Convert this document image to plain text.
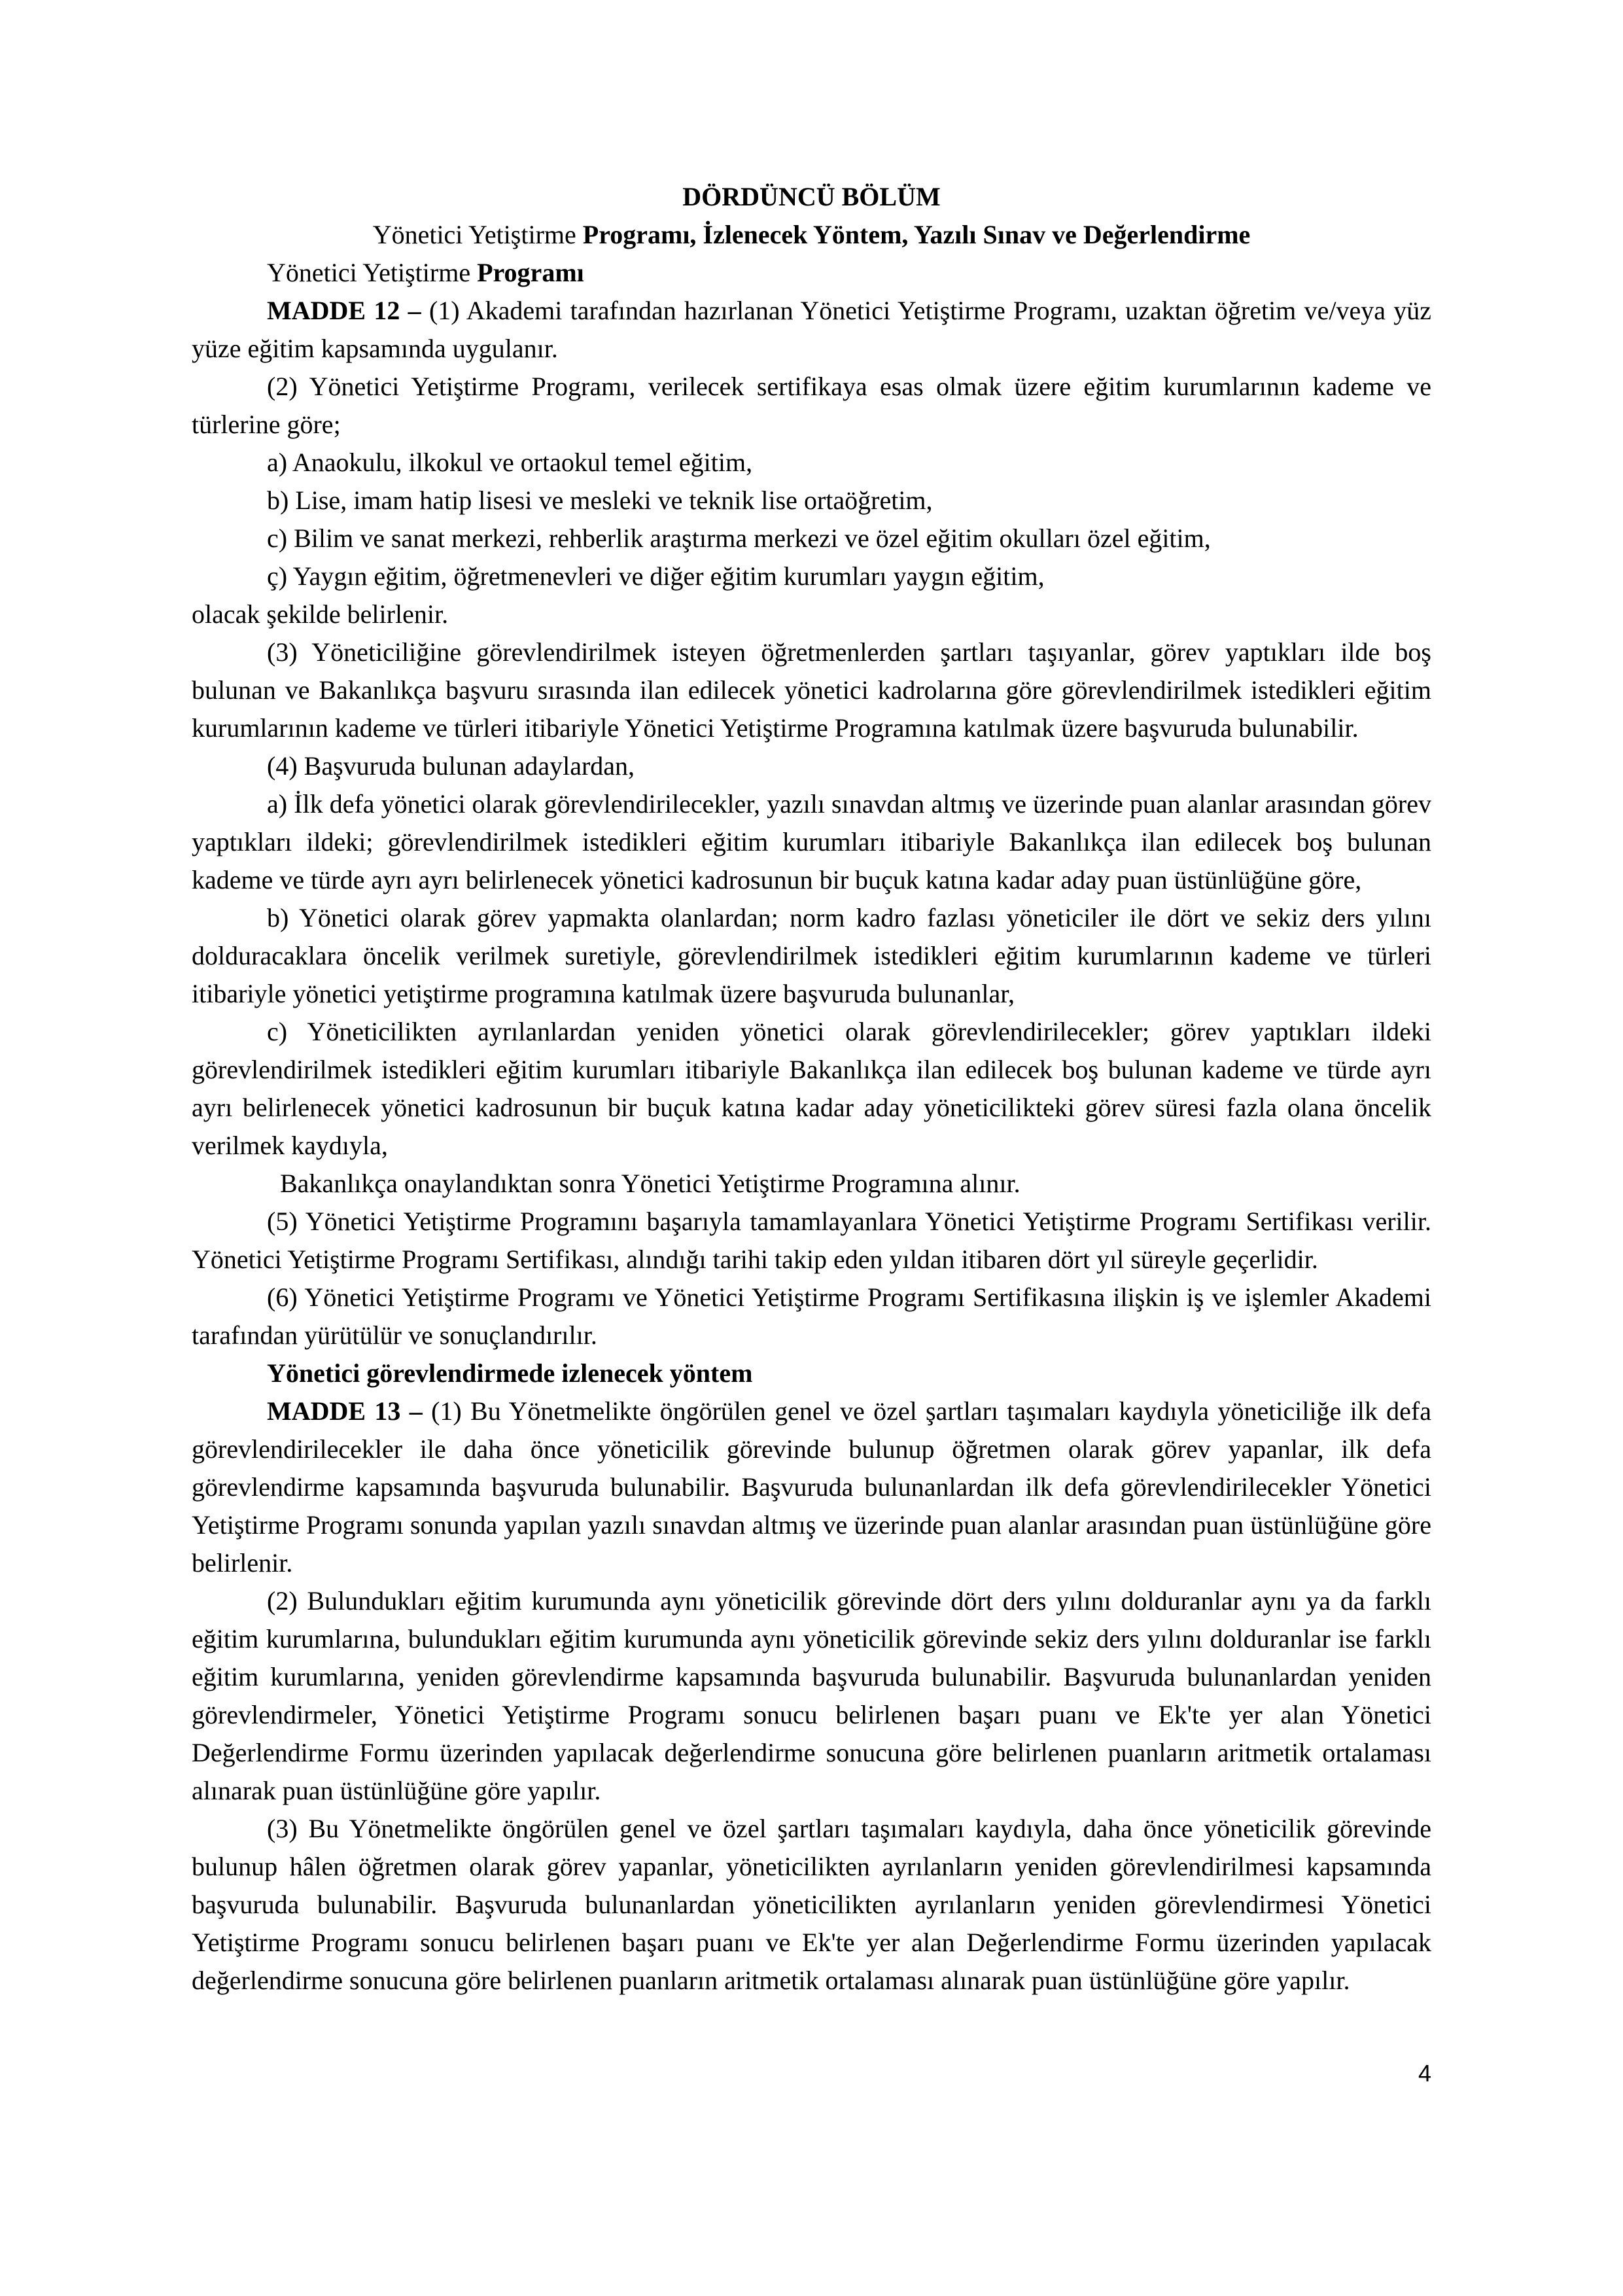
DÖRDÜNCÜ BÖLÜM

Yönetici Yetiştirme Programı, İzlenecek Yöntem, Yazılı Sınav ve Değerlendirme

Yönetici Yetiştirme Programı

MADDE 12 – (1) Akademi tarafından hazırlanan Yönetici Yetiştirme Programı, uzaktan öğretim ve/veya yüz yüze eğitim kapsamında uygulanır.

(2) Yönetici Yetiştirme Programı, verilecek sertifikaya esas olmak üzere eğitim kurumlarının kademe ve türlerine göre;

a) Anaokulu, ilkokul ve ortaokul temel eğitim,

b) Lise, imam hatip lisesi ve mesleki ve teknik lise ortaöğretim,

c) Bilim ve sanat merkezi, rehberlik araştırma merkezi ve özel eğitim okulları özel eğitim,

ç) Yaygın eğitim, öğretmenevleri ve diğer eğitim kurumları yaygın eğitim,

olacak şekilde belirlenir.

(3) Yöneticiliğine görevlendirilmek isteyen öğretmenlerden şartları taşıyanlar, görev yaptıkları ilde boş bulunan ve Bakanlıkça başvuru sırasında ilan edilecek yönetici kadrolarına göre görevlendirilmek istedikleri eğitim kurumlarının kademe ve türleri itibariyle Yönetici Yetiştirme Programına katılmak üzere başvuruda bulunabilir.

(4) Başvuruda bulunan adaylardan,

a) İlk defa yönetici olarak görevlendirilecekler, yazılı sınavdan altmış ve üzerinde puan alanlar arasından görev yaptıkları ildeki; görevlendirilmek istedikleri eğitim kurumları itibariyle Bakanlıkça ilan edilecek boş bulunan kademe ve türde ayrı ayrı belirlenecek yönetici kadrosunun bir buçuk katına kadar aday puan üstünlüğüne göre,

b) Yönetici olarak görev yapmakta olanlardan; norm kadro fazlası yöneticiler ile dört ve sekiz ders yılını dolduracaklara öncelik verilmek suretiyle, görevlendirilmek istedikleri eğitim kurumlarının kademe ve türleri itibariyle yönetici yetiştirme programına katılmak üzere başvuruda bulunanlar,

c) Yöneticilikten ayrılanlardan yeniden yönetici olarak görevlendirilecekler; görev yaptıkları ildeki görevlendirilmek istedikleri eğitim kurumları itibariyle Bakanlıkça ilan edilecek boş bulunan kademe ve türde ayrı ayrı belirlenecek yönetici kadrosunun bir buçuk katına kadar aday yöneticilikteki görev süresi fazla olana öncelik verilmek kaydıyla,

Bakanlıkça onaylandıktan sonra Yönetici Yetiştirme Programına alınır.

(5) Yönetici Yetiştirme Programını başarıyla tamamlayanlara Yönetici Yetiştirme Programı Sertifikası verilir. Yönetici Yetiştirme Programı Sertifikası, alındığı tarihi takip eden yıldan itibaren dört yıl süreyle geçerlidir.

(6) Yönetici Yetiştirme Programı ve Yönetici Yetiştirme Programı Sertifikasına ilişkin iş ve işlemler Akademi tarafından yürütülür ve sonuçlandırılır.

Yönetici görevlendirmede izlenecek yöntem

MADDE 13 – (1) Bu Yönetmelikte öngörülen genel ve özel şartları taşımaları kaydıyla yöneticiliğe ilk defa görevlendirilecekler ile daha önce yöneticilik görevinde bulunup öğretmen olarak görev yapanlar, ilk defa görevlendirme kapsamında başvuruda bulunabilir. Başvuruda bulunanlardan ilk defa görevlendirilecekler Yönetici Yetiştirme Programı sonunda yapılan yazılı sınavdan altmış ve üzerinde puan alanlar arasından puan üstünlüğüne göre belirlenir.

(2) Bulundukları eğitim kurumunda aynı yöneticilik görevinde dört ders yılını dolduranlar aynı ya da farklı eğitim kurumlarına, bulundukları eğitim kurumunda aynı yöneticilik görevinde sekiz ders yılını dolduranlar ise farklı eğitim kurumlarına, yeniden görevlendirme kapsamında başvuruda bulunabilir. Başvuruda bulunanlardan yeniden görevlendirmeler, Yönetici Yetiştirme Programı sonucu belirlenen başarı puanı ve Ek'te yer alan Yönetici Değerlendirme Formu üzerinden yapılacak değerlendirme sonucuna göre belirlenen puanların aritmetik ortalaması alınarak puan üstünlüğüne göre yapılır.

(3) Bu Yönetmelikte öngörülen genel ve özel şartları taşımaları kaydıyla, daha önce yöneticilik görevinde bulunup hâlen öğretmen olarak görev yapanlar, yöneticilikten ayrılanların yeniden görevlendirilmesi kapsamında başvuruda bulunabilir. Başvuruda bulunanlardan yöneticilikten ayrılanların yeniden görevlendirmesi Yönetici Yetiştirme Programı sonucu belirlenen başarı puanı ve Ek'te yer alan Değerlendirme Formu üzerinden yapılacak değerlendirme sonucuna göre belirlenen puanların aritmetik ortalaması alınarak puan üstünlüğüne göre yapılır.

4
